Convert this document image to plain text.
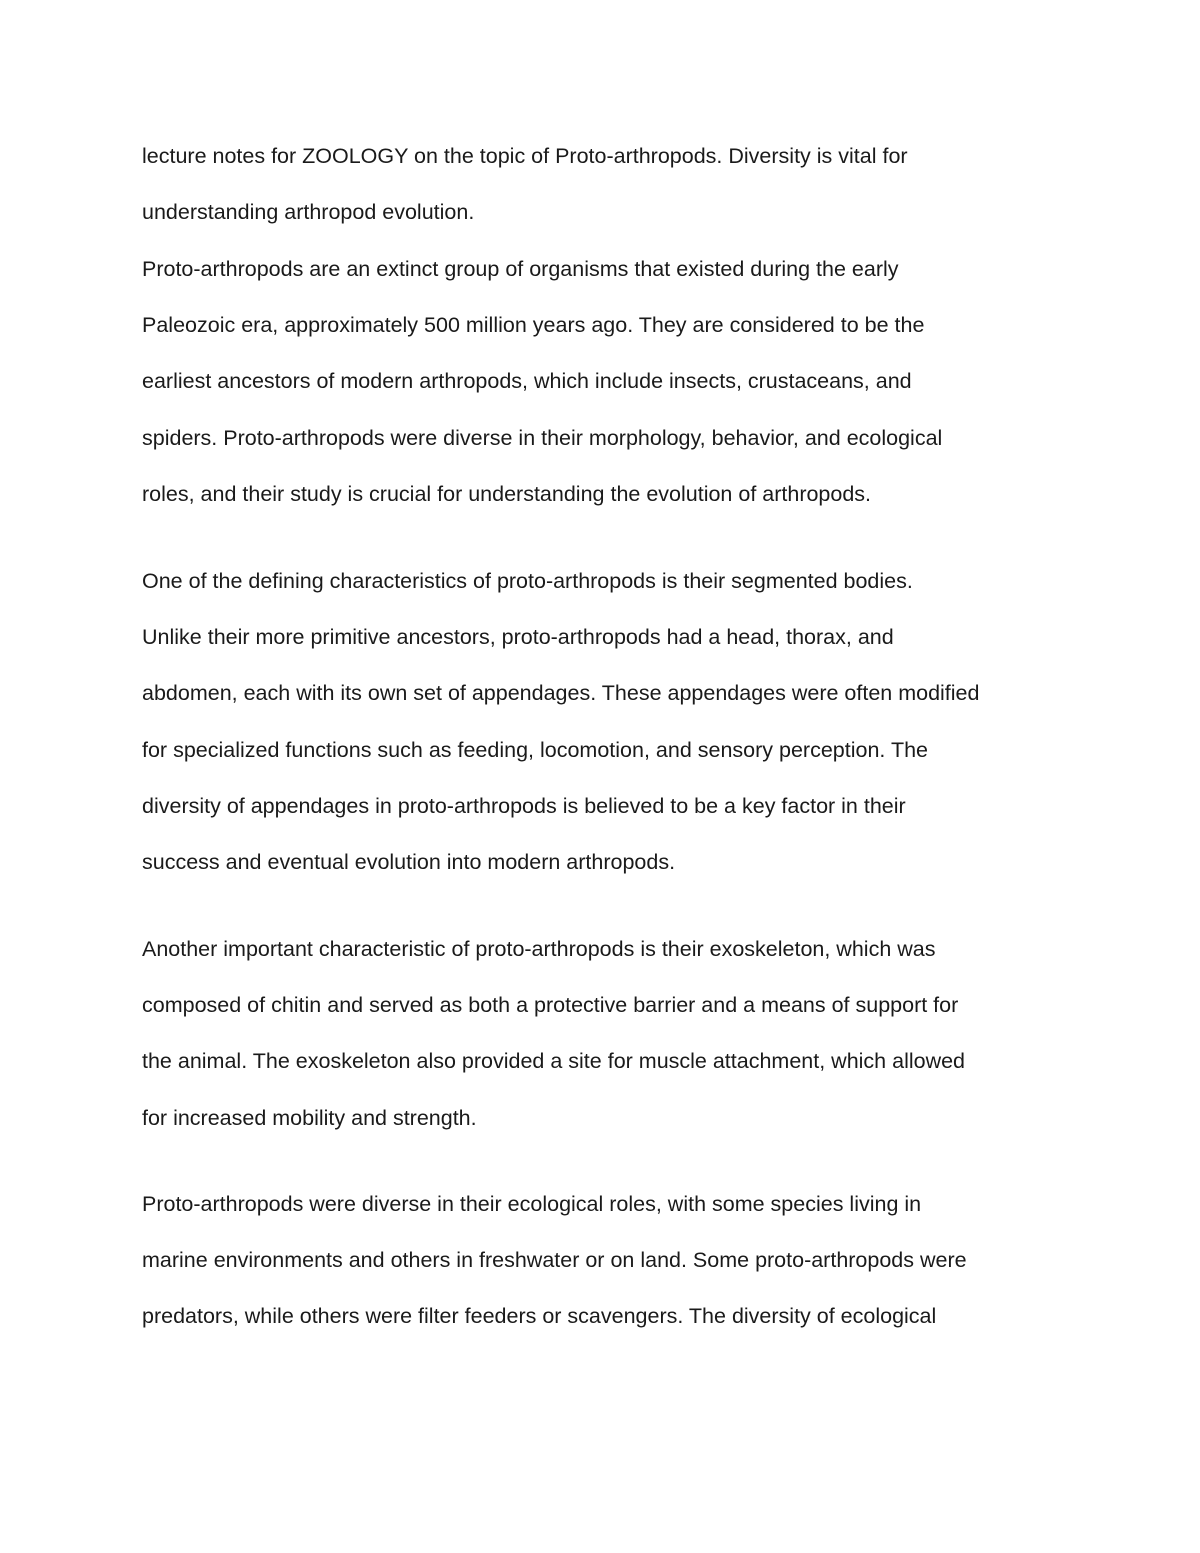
lecture notes for ZOOLOGY on the topic of Proto-arthropods. Diversity is vital for

understanding arthropod evolution.

Proto-arthropods are an extinct group of organisms that existed during the early

Paleozoic era, approximately 500 million years ago. They are considered to be the

earliest ancestors of modern arthropods, which include insects, crustaceans, and

spiders. Proto-arthropods were diverse in their morphology, behavior, and ecological

roles, and their study is crucial for understanding the evolution of arthropods.

One of the defining characteristics of proto-arthropods is their segmented bodies.

Unlike their more primitive ancestors, proto-arthropods had a head, thorax, and

abdomen, each with its own set of appendages. These appendages were often modified

for specialized functions such as feeding, locomotion, and sensory perception. The

diversity of appendages in proto-arthropods is believed to be a key factor in their

success and eventual evolution into modern arthropods.

Another important characteristic of proto-arthropods is their exoskeleton, which was

composed of chitin and served as both a protective barrier and a means of support for

the animal. The exoskeleton also provided a site for muscle attachment, which allowed

for increased mobility and strength.

Proto-arthropods were diverse in their ecological roles, with some species living in

marine environments and others in freshwater or on land. Some proto-arthropods were

predators, while others were filter feeders or scavengers. The diversity of ecological
